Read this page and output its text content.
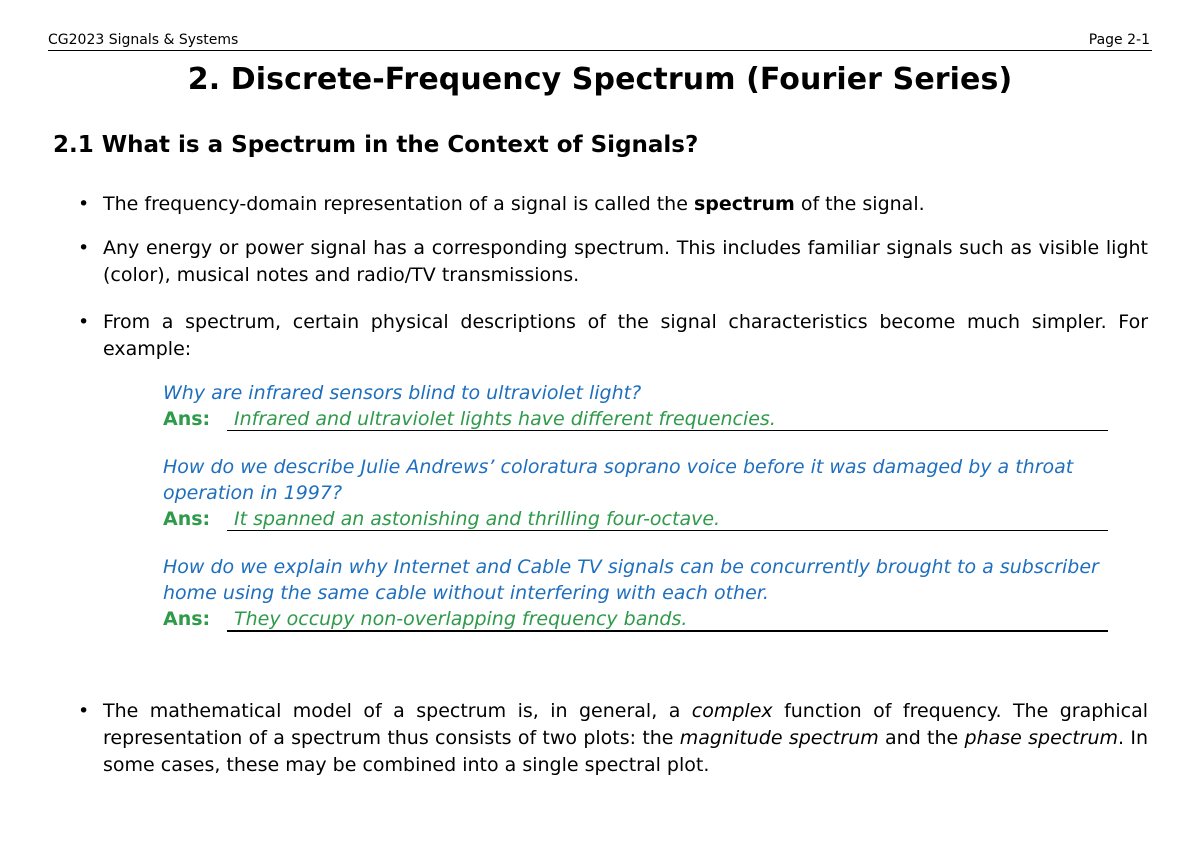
CG2023 Signals & Systems	Page 2-1
2. Discrete-Frequency Spectrum (Fourier Series)
2.1 What is a Spectrum in the Context of Signals?
• The frequency-domain representation of a signal is called the spectrum of the signal.
• Any energy or power signal has a corresponding spectrum. This includes familiar signals such as visible light (color), musical notes and radio/TV transmissions.
• From a spectrum, certain physical descriptions of the signal characteristics become much simpler. For example:
Why are infrared sensors blind to ultraviolet light?
Ans: Infrared and ultraviolet lights have different frequencies.
How do we describe Julie Andrews’ coloratura soprano voice before it was damaged by a throat operation in 1997?
Ans: It spanned an astonishing and thrilling four-octave.
How do we explain why Internet and Cable TV signals can be concurrently brought to a subscriber home using the same cable without interfering with each other.
Ans: They occupy non-overlapping frequency bands.
• The mathematical model of a spectrum is, in general, a complex function of frequency. The graphical representation of a spectrum thus consists of two plots: the magnitude spectrum and the phase spectrum. In some cases, these may be combined into a single spectral plot.
